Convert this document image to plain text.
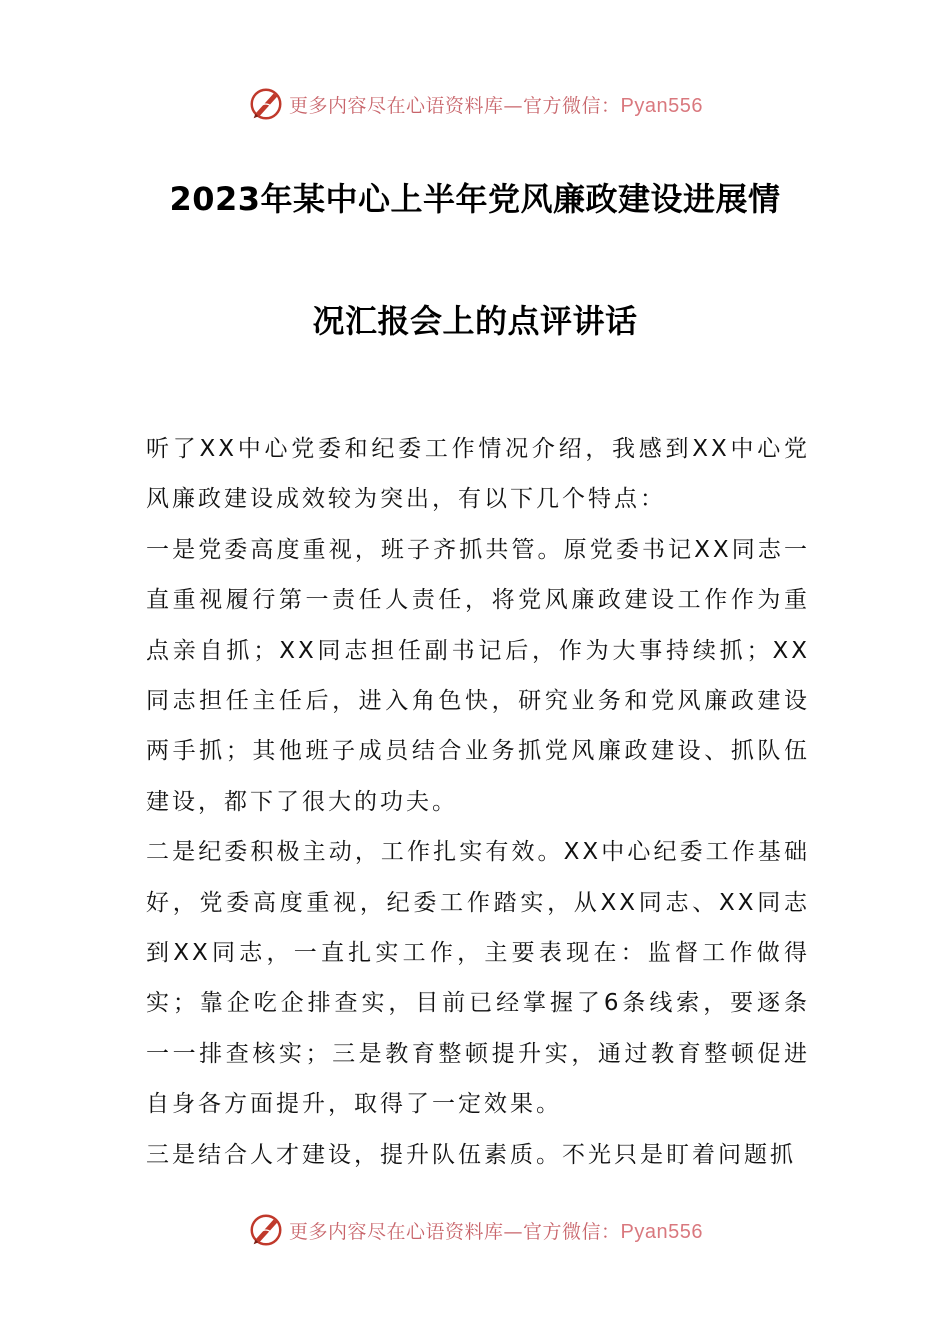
更多内容尽在心语资料库—官方微信：Pyan556
2023年某中心上半年党风廉政建设进展情
况汇报会上的点评讲话

听了XX中心党委和纪委工作情况介绍，我感到XX中心党风廉政建设成效较为突出，有以下几个特点：

一是党委高度重视，班子齐抓共管。原党委书记XX同志一直重视履行第一责任人责任，将党风廉政建设工作作为重点亲自抓；XX同志担任副书记后，作为大事持续抓；XX同志担任主任后，进入角色快，研究业务和党风廉政建设两手抓；其他班子成员结合业务抓党风廉政建设、抓队伍建设，都下了很大的功夫。

二是纪委积极主动，工作扎实有效。XX中心纪委工作基础好，党委高度重视，纪委工作踏实，从XX同志、XX同志到XX同志，一直扎实工作，主要表现在：监督工作做得实；靠企吃企排查实，目前已经掌握了6条线索，要逐条一一排查核实；三是教育整顿提升实，通过教育整顿促进自身各方面提升，取得了一定效果。

三是结合人才建设，提升队伍素质。不光只是盯着问题抓

更多内容尽在心语资料库—官方微信：Pyan556
